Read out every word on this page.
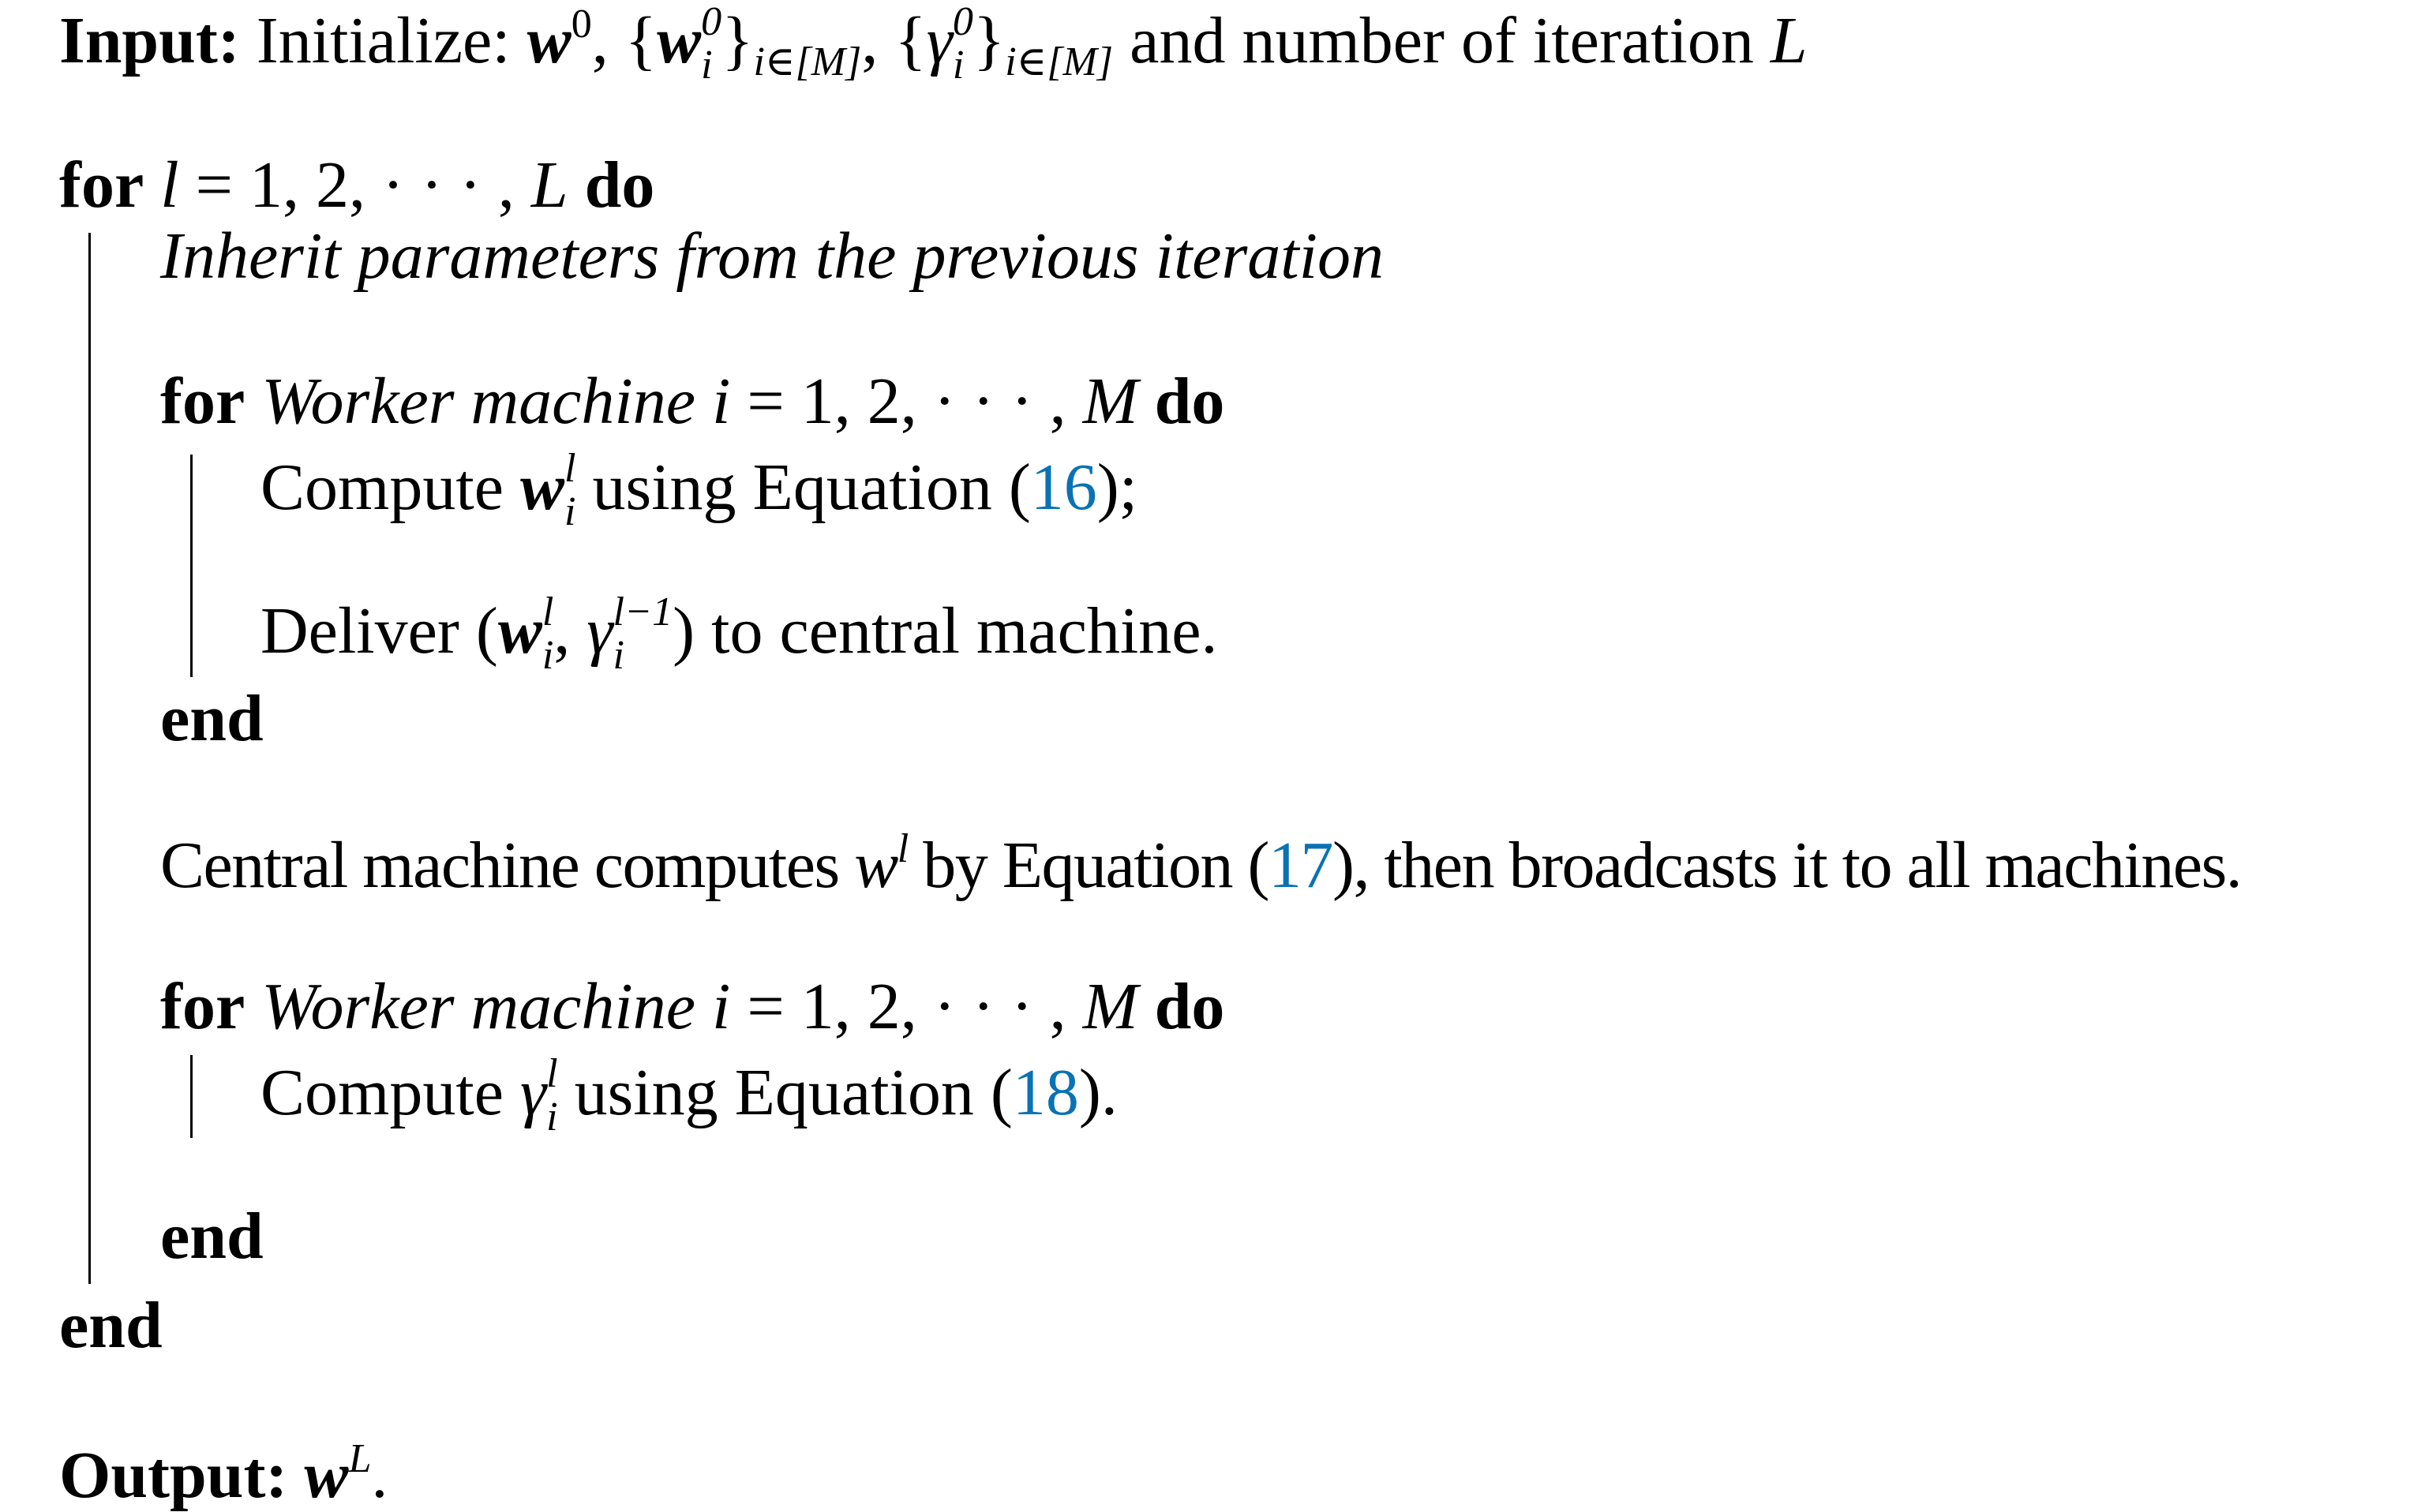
Input: Initialize: $w^0$, {w 0
i }i∈[M], {γ 0
i }i∈[M] and number of iteration L
for l = 1, 2, · · · , L do
Inherit parameters from the previous iteration
for Worker machine i = 1, 2, · · · , M do
Compute w l
i using Equation (16);
Deliver (w l
i , γ l−1
i ) to central machine.
end
Central machine computes $w^l$ by Equation (17), then broadcasts it to all machines.
for Worker machine i = 1, 2, · · · , M do
Compute γ l
i using Equation (18).
end
end
Output: $w^L$.
